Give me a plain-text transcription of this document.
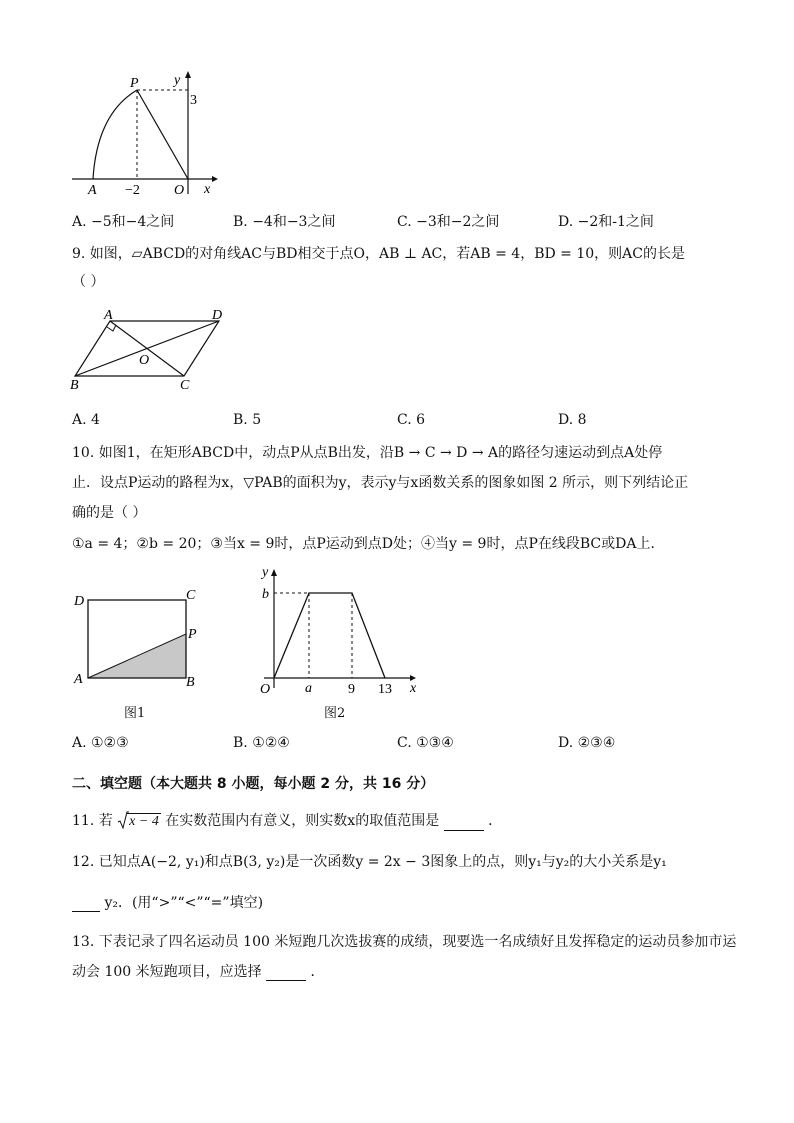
y
P
3
A −2 O x
A. −5和−4之间	B. −4和−3之间	C. −3和−2之间	D. −2和-1之间
9. 如图，▱ABCD的对角线AC与BD相交于点O，AB ⊥ AC，若AB = 4，BD = 10，则AC的长是
（ ）
A	D
O
B	C
A. 4	B. 5	C. 6	D. 8
10. 如图1，在矩形ABCD中，动点P从点B出发，沿B → C → D → A的路径匀速运动到点A处停
止．设点P运动的路程为x，▽PAB的面积为y，表示y与x函数关系的图象如图 2 所示，则下列结论正
确的是（ ）
①a = 4；②b = 20；③当x = 9时，点P运动到点D处；④当y = 9时，点P在线段BC或DA上．
D	C
P
A	B
图1
y
b
O a	9 13 x
图2
A. ①②③	B. ①②④	C. ①③④	D. ②③④
二、填空题（本大题共 8 小题，每小题 2 分，共 16 分）
11. 若 x − 4 在实数范围内有意义，则实数x的取值范围是	．
12. 已知点A(−2, y₁)和点B(3, y₂)是一次函数y = 2x − 3图象上的点，则y₁与y₂的大小关系是y₁
y₂．(用“>”“<”“=”填空)
13. 下表记录了四名运动员 100 米短跑几次选拔赛的成绩，现要选一名成绩好且发挥稳定的运动员参加市运
动会 100 米短跑项目，应选择	．
